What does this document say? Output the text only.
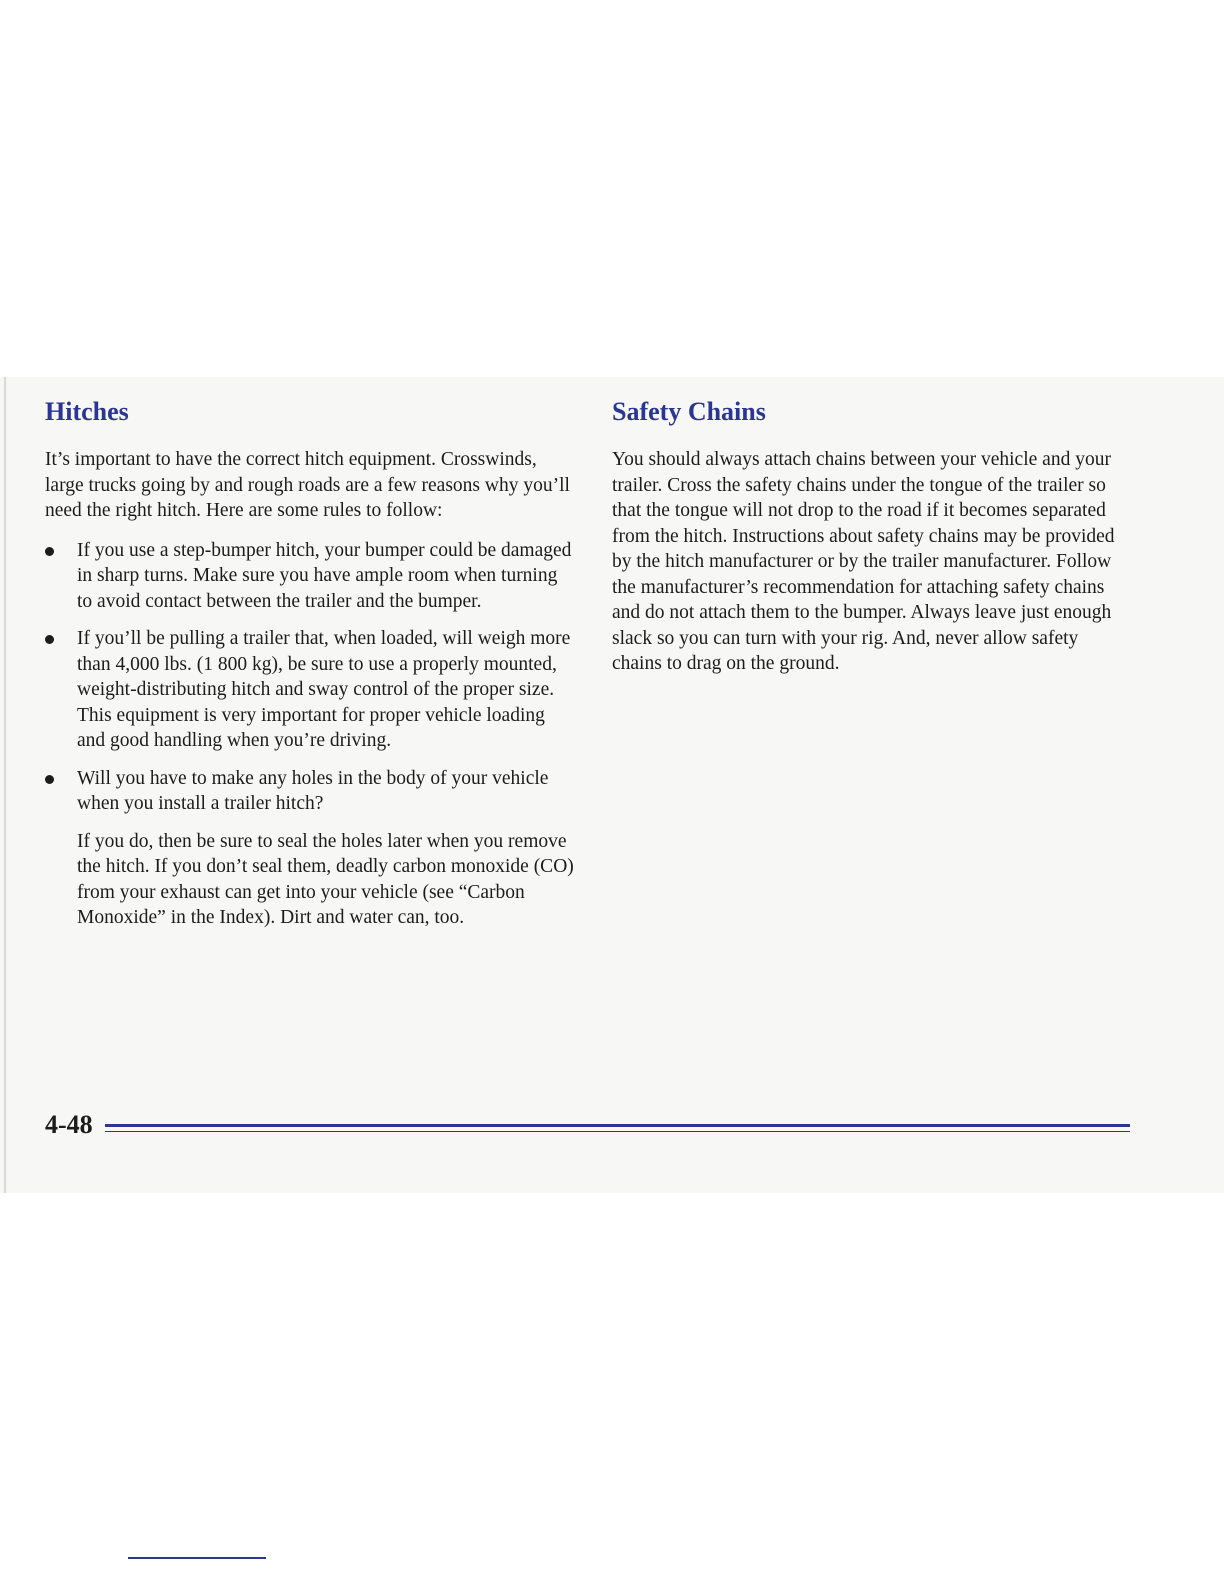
Hitches

It’s important to have the correct hitch equipment. Crosswinds, large trucks going by and rough roads are a few reasons why you’ll need the right hitch. Here are some rules to follow:

If you use a step-bumper hitch, your bumper could be damaged in sharp turns. Make sure you have ample room when turning to avoid contact between the trailer and the bumper.

If you’ll be pulling a trailer that, when loaded, will weigh more than 4,000 lbs. (1 800 kg), be sure to use a properly mounted, weight-distributing hitch and sway control of the proper size. This equipment is very important for proper vehicle loading and good handling when you’re driving.

Will you have to make any holes in the body of your vehicle when you install a trailer hitch?

If you do, then be sure to seal the holes later when you remove the hitch. If you don’t seal them, deadly carbon monoxide (CO) from your exhaust can get into your vehicle (see “Carbon Monoxide” in the Index). Dirt and water can, too.

Safety Chains

You should always attach chains between your vehicle and your trailer. Cross the safety chains under the tongue of the trailer so that the tongue will not drop to the road if it becomes separated from the hitch. Instructions about safety chains may be provided by the hitch manufacturer or by the trailer manufacturer. Follow the manufacturer’s recommendation for attaching safety chains and do not attach them to the bumper. Always leave just enough slack so you can turn with your rig. And, never allow safety chains to drag on the ground.

4-48
